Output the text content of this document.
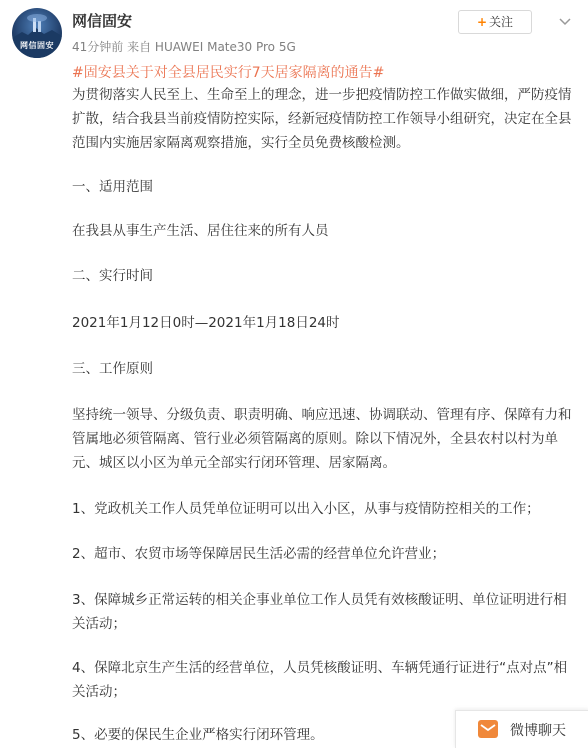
网信固安
网信固安
41分钟前 来自 HUAWEI Mate30 Pro 5G
+ 关注
#固安县关于对全县居民实行7天居家隔离的通告#

为贯彻落实人民至上、生命至上的理念，进一步把疫情防控工作做实做细，严防疫情扩散，结合我县当前疫情防控实际，经新冠疫情防控工作领导小组研究，决定在全县范围内实施居家隔离观察措施，实行全员免费核酸检测。

一、适用范围

在我县从事生产生活、居住往来的所有人员

二、实行时间

2021年1月12日0时—2021年1月18日24时

三、工作原则

坚持统一领导、分级负责、职责明确、响应迅速、协调联动、管理有序、保障有力和管属地必须管隔离、管行业必须管隔离的原则。除以下情况外，全县农村以村为单元、城区以小区为单元全部实行闭环管理、居家隔离。

1、党政机关工作人员凭单位证明可以出入小区，从事与疫情防控相关的工作；

2、超市、农贸市场等保障居民生活必需的经营单位允许营业；

3、保障城乡正常运转的相关企事业单位工作人员凭有效核酸证明、单位证明进行相关活动；

4、保障北京生产生活的经营单位，人员凭核酸证明、车辆凭通行证进行“点对点”相关活动；

5、必要的保民生企业严格实行闭环管理。	微博聊天
